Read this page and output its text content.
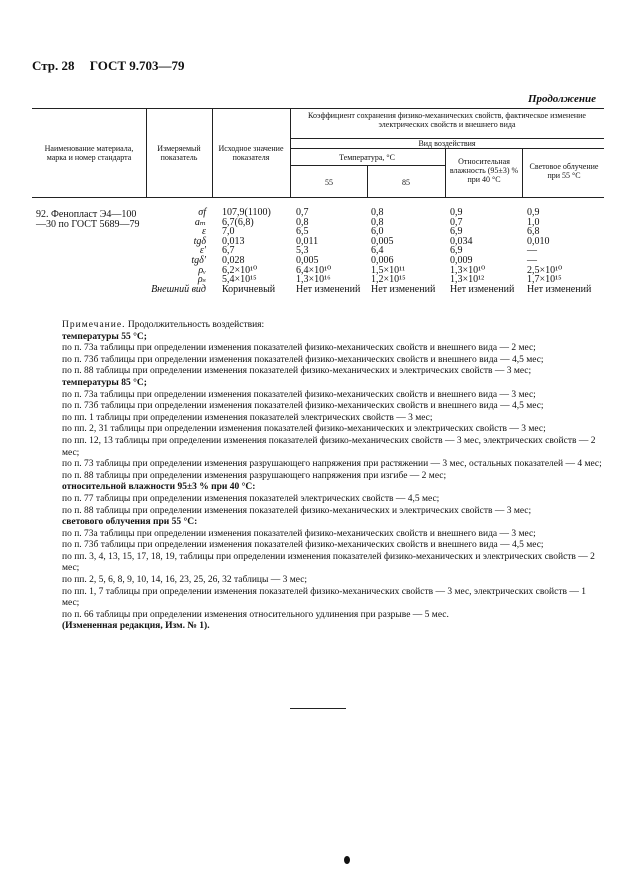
Стр. 28 ГОСТ 9.703—79
Продолжение
Наименование материала, марка и номер стандарта
Измеряемый показатель
Исходное значение показателя
Коэффициент сохранения физико-механических свойств, фактическое изменение электрических свойств и внешнего вида
Вид воздействия
Температура, °C
55	85
Относительная влажность (95±3) % при 40 °C
Световое облучение при 55 °C
92. Фенопласт Э4—100—30 по ГОСТ 5689—79
σf
aₘ
ε
tgδ
ε′
tgδ′
ρᵥ
ρₛ
Внешний вид
107,9(1100)
6,7(6,8)
7,0
0,013
6,7
0,028
6,2×10¹⁰
5,4×10¹⁵
Коричневый
0,7
0,8
6,5
0,011
5,3
0,005
6,4×10¹⁰
1,3×10¹⁶
Нет изменений
0,8
0,8
6,0
0,005
6,4
0,006
1,5×10¹¹
1,2×10¹⁵
Нет изменений
0,9
0,7
6,9
0,034
6,9
0,009
1,3×10¹⁰
1,3×10¹²
Нет изменений
0,9
1,0
6,8
0,010
—
—
2,5×10¹⁰
1,7×10¹⁵
Нет изменений

Примечание. Продолжительность воздействия:

температуры 55 °С;

по п. 73а таблицы при определении изменения показателей физико-механических свойств и внешнего вида — 2 мес;

по п. 73б таблицы при определении изменения показателей физико-механических свойств и внешнего вида — 4,5 мес;

по п. 88 таблицы при определении изменения показателей физико-механических и электрических свойств — 3 мес;

температуры 85 °С;

по п. 73а таблицы при определении изменения показателей физико-механических свойств и внешнего вида — 3 мес;

по п. 73б таблицы при определении изменения показателей физико-механических свойств и внешнего вида — 4,5 мес;

по пп. 1 таблицы при определении изменения показателей электрических свойств — 3 мес;

по пп. 2, 31 таблицы при определении изменения показателей физико-механических и электрических свойств — 3 мес;

по пп. 12, 13 таблицы при определении изменения показателей физико-механических свойств — 3 мес, электрических свойств — 2 мес;

по п. 73 таблицы при определении изменения разрушающего напряжения при растяжении — 3 мес, остальных показателей — 4 мес;

по п. 88 таблицы при определении изменения разрушающего напряжения при изгибе — 2 мес;

относительной влажности 95±3 % при 40 °С:

по п. 77 таблицы при определении изменения показателей электрических свойств — 4,5 мес;

по п. 88 таблицы при определении изменения показателей физико-механических и электрических свойств — 3 мес;

светового облучения при 55 °С:

по п. 73а таблицы при определении изменения показателей физико-механических свойств и внешнего вида — 3 мес;

по п. 73б таблицы при определении изменения показателей физико-механических свойств и внешнего вида — 4,5 мес;

по пп. 3, 4, 13, 15, 17, 18, 19, таблицы при определении изменения показателей физико-механических и электрических свойств — 2 мес;

по пп. 2, 5, 6, 8, 9, 10, 14, 16, 23, 25, 26, 32 таблицы — 3 мес;

по пп. 1, 7 таблицы при определении изменения показателей физико-механических свойств — 3 мес, электрических свойств — 1 мес;

по п. 66 таблицы при определении изменения относительного удлинения при разрыве — 5 мес.

(Измененная редакция, Изм. № 1).
